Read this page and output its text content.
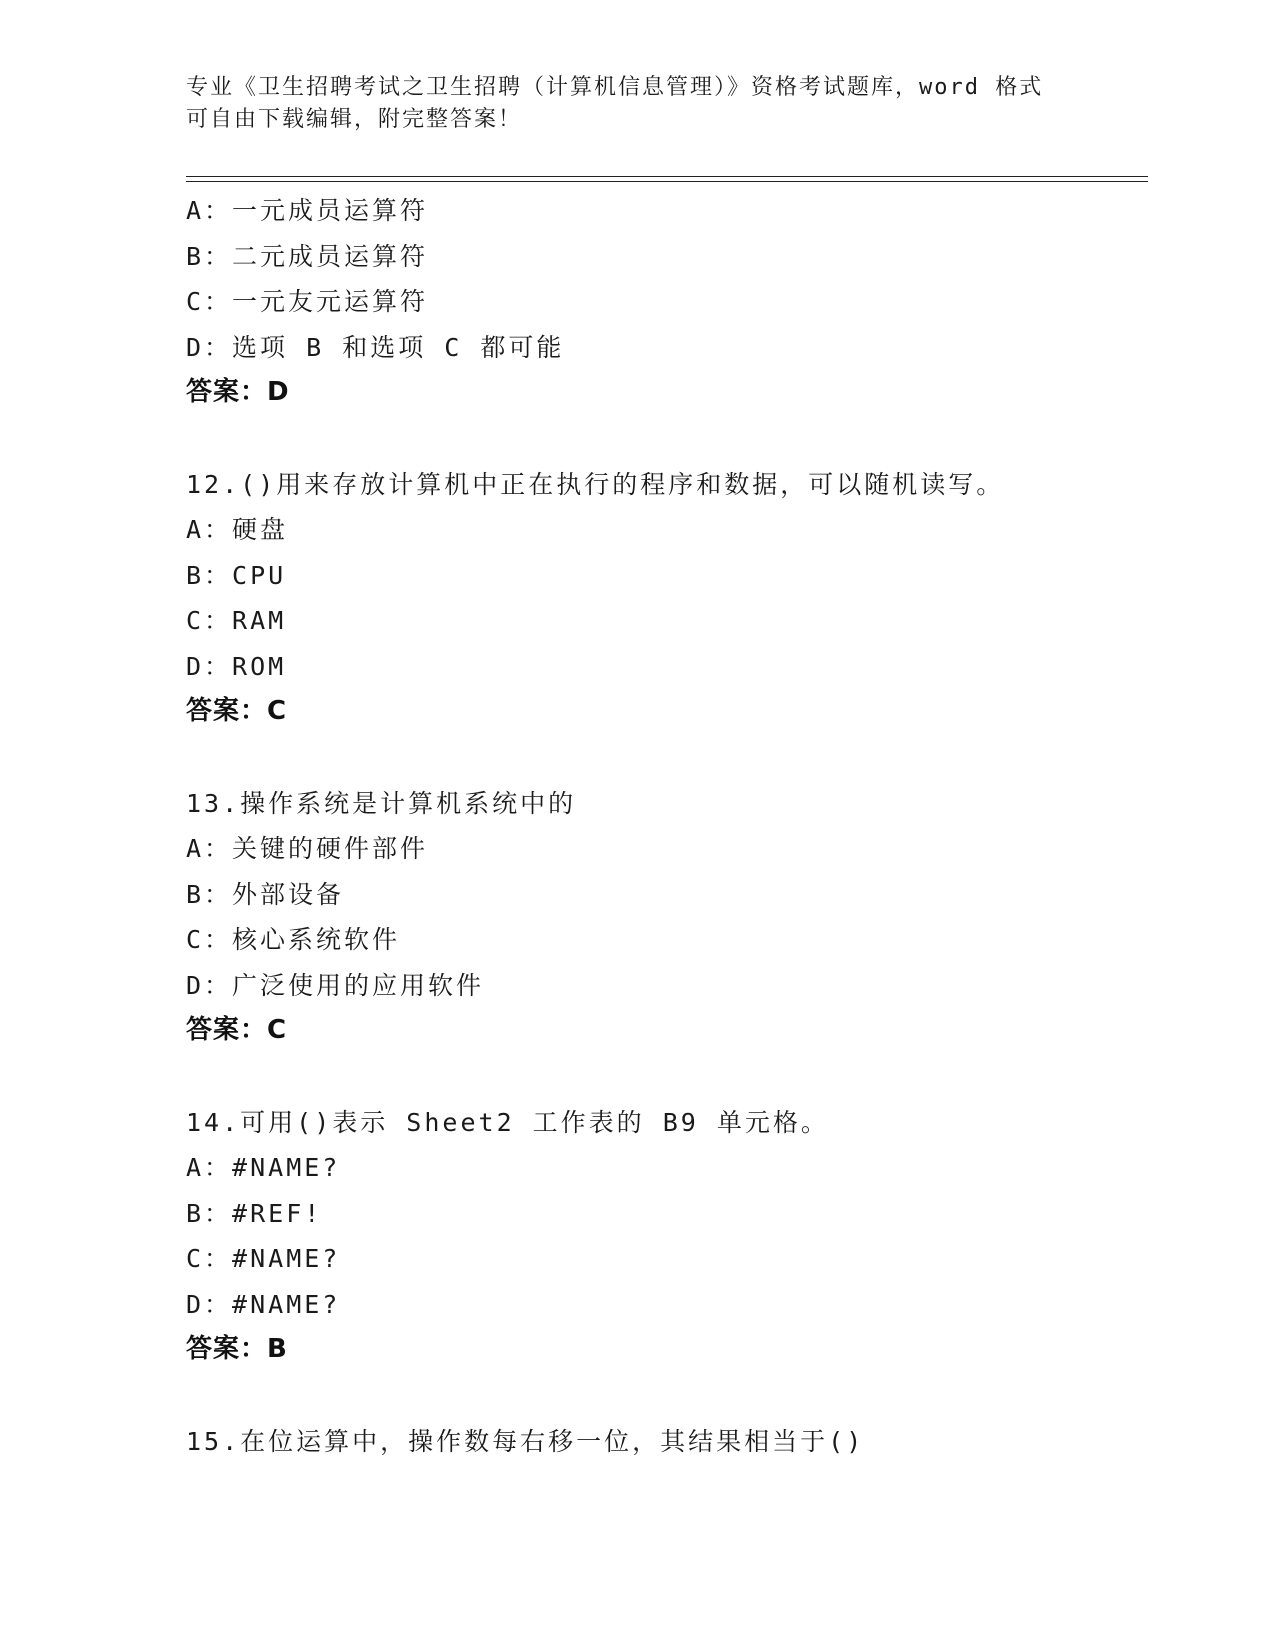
专业《卫生招聘考试之卫生招聘（计算机信息管理）》资格考试题库，word 格式
可自由下载编辑，附完整答案！
A：一元成员运算符
B：二元成员运算符
C：一元友元运算符
D：选项 B 和选项 C 都可能
答案：D
12.()用来存放计算机中正在执行的程序和数据，可以随机读写。
A：硬盘
B：CPU
C：RAM
D：ROM
答案：C
13.操作系统是计算机系统中的
A：关键的硬件部件
B：外部设备
C：核心系统软件
D：广泛使用的应用软件
答案：C
14.可用()表示 Sheet2 工作表的 B9 单元格。
A：#NAME?
B：#REF!
C：#NAME?
D：#NAME?
答案：B
15.在位运算中，操作数每右移一位，其结果相当于()
